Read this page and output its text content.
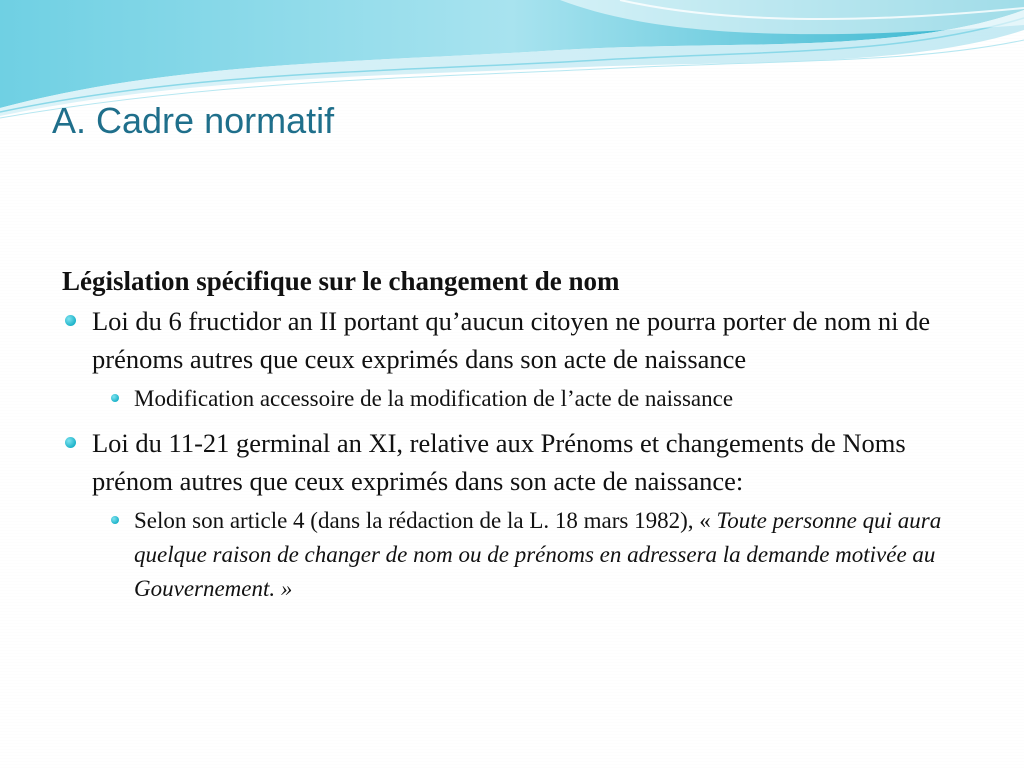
A. Cadre normatif

Législation spécifique sur le changement de nom

Loi du 6 fructidor an II portant qu’aucun citoyen ne pourra porter de nom ni de prénoms autres que ceux exprimés dans son acte de naissance
Modification accessoire de la modification de l’acte de naissance
Loi du 11-21 germinal an XI, relative aux Prénoms et changements de Noms prénom autres que ceux exprimés dans son acte de naissance:
Selon son article 4 (dans la rédaction de la L. 18 mars 1982), « Toute personne qui aura quelque raison de changer de nom ou de prénoms en adressera la demande motivée au Gouvernement. »
